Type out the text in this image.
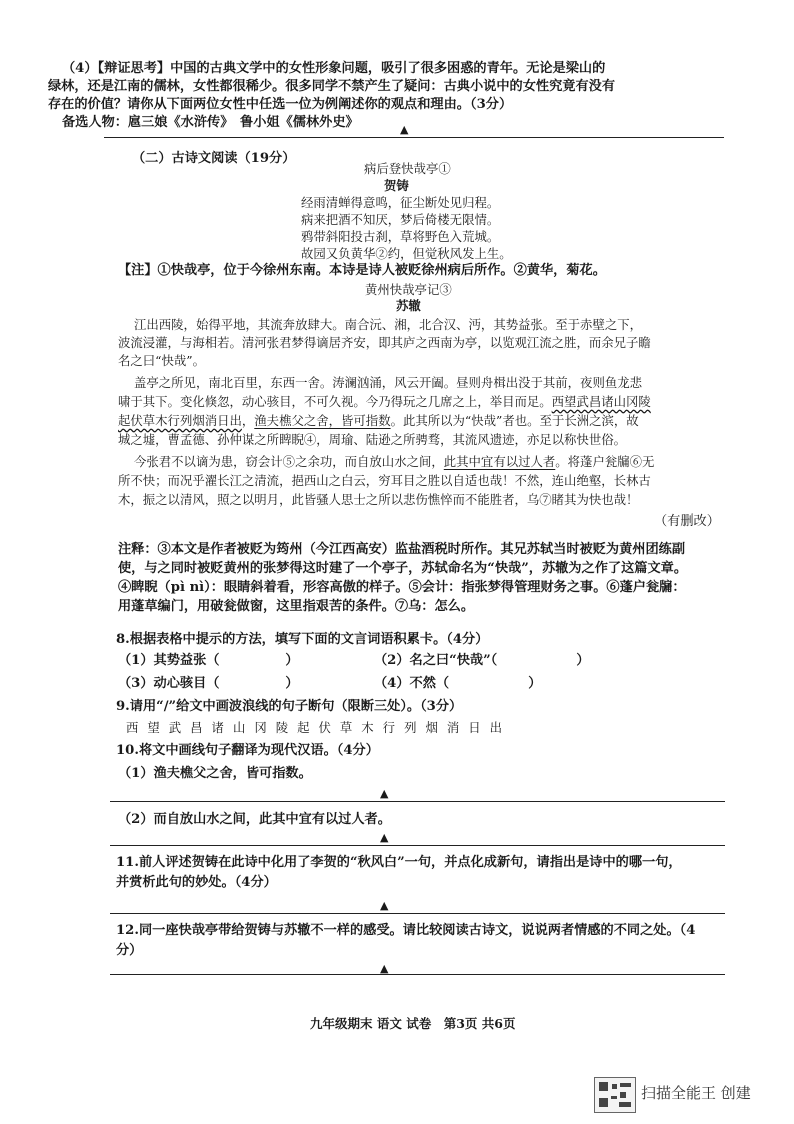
（4）【辩证思考】中国的古典文学中的女性形象问题，吸引了很多困惑的青年。无论是梁山的
绿林，还是江南的儒林，女性都很稀少。很多同学不禁产生了疑问：古典小说中的女性究竟有没有
存在的价值？请你从下面两位女性中任选一位为例阐述你的观点和理由。（3分）
备选人物：扈三娘《水浒传》　鲁小姐《儒林外史》	▲
（二）古诗文阅读（19分）
病后登快哉亭①
贺铸
经雨清蝉得意鸣，征尘断处见归程。
病来把酒不知厌，梦后倚楼无限情。
鸦带斜阳投古刹，草将野色入荒城。
故园又负黄华②约，但觉秋风发上生。
【注】①快哉亭，位于今徐州东南。本诗是诗人被贬徐州病后所作。②黄华，菊花。
黄州快哉亭记③
苏辙
江出西陵，始得平地，其流奔放肆大。南合沅、湘，北合汉、沔，其势益张。至于赤壁之下，
波流浸灌，与海相若。清河张君梦得谪居齐安，即其庐之西南为亭，以览观江流之胜，而余兄子瞻
名之曰“快哉”。
盖亭之所见，南北百里，东西一舍。涛澜汹涌，风云开阖。昼则舟楫出没于其前，夜则鱼龙悲
啸于其下。变化倏忽，动心骇目，不可久视。今乃得玩之几席之上，举目而足。西望武昌诸山冈陵
起伏草木行列烟消日出，渔夫樵父之舍，皆可指数。此其所以为“快哉”者也。至于长洲之滨，故
城之墟，曹孟德、孙仲谋之所睥睨④，周瑜、陆逊之所骋骛，其流风遗迹，亦足以称快世俗。
今张君不以谪为患，窃会计⑤之余功，而自放山水之间，此其中宜有以过人者。将蓬户瓮牖⑥无
所不快；而况乎濯长江之清流，挹西山之白云，穷耳目之胜以自适也哉！不然，连山绝壑，长林古
木，振之以清风，照之以明月，此皆骚人思士之所以悲伤憔悴而不能胜者，乌⑦睹其为快也哉！
（有删改）
注释：③本文是作者被贬为筠州（今江西高安）监盐酒税时所作。其兄苏轼当时被贬为黄州团练副
使，与之同时被贬黄州的张梦得这时建了一个亭子，苏轼命名为“快哉”，苏辙为之作了这篇文章。
④睥睨（pì nì）：眼睛斜着看，形容高傲的样子。⑤会计：指张梦得管理财务之事。⑥蓬户瓮牖：
用蓬草编门，用破瓮做窗，这里指艰苦的条件。⑦乌：怎么。
8.根据表格中提示的方法，填写下面的文言词语积累卡。（4分）
（1）其势益张（　　　　　）	（2）名之曰“快哉”（　　　　　　）
（3）动心骇目（　　　　　）	（4）不然（　　　　　　）
9.请用“/”给文中画波浪线的句子断句（限断三处）。（3分）
西望武昌诸山冈陵起伏草木行列烟消日出
10.将文中画线句子翻译为现代汉语。（4分）
（1）渔夫樵父之舍，皆可指数。
▲
（2）而自放山水之间，此其中宜有以过人者。
▲
11.前人评述贺铸在此诗中化用了李贺的“秋风白”一句，并点化成新句，请指出是诗中的哪一句，
并赏析此句的妙处。（4分）
▲
12.同一座快哉亭带给贺铸与苏辙不一样的感受。请比较阅读古诗文，说说两者情感的不同之处。（4
分）
▲
九年级期末 语文 试卷　第3页 共6页
扫描全能王 创建
